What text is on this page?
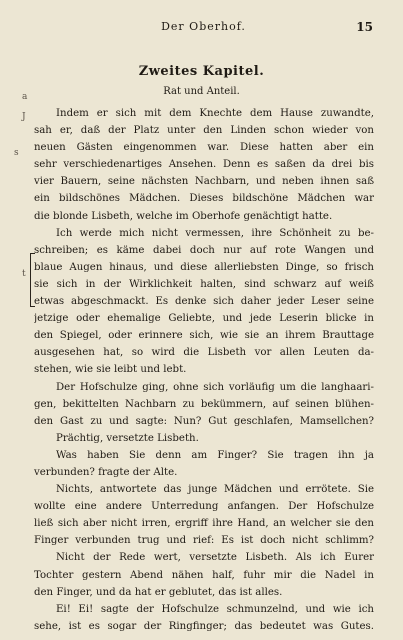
Der Oberhof.	15
Zweites Kapitel.
Rat und Anteil.
J
a
s
t
Indem er sich mit dem Knechte dem Hause zuwandte,
sah er, daß der Platz unter den Linden schon wieder von
neuen Gästen eingenommen war. Diese hatten aber ein
sehr verschiedenartiges Ansehen. Denn es saßen da drei bis
vier Bauern, seine nächsten Nachbarn, und neben ihnen saß
ein bildschönes Mädchen. Dieses bildschöne Mädchen war
die blonde Lisbeth, welche im Oberhofe genächtigt hatte.
Ich werde mich nicht vermessen, ihre Schönheit zu be-
schreiben; es käme dabei doch nur auf rote Wangen und
blaue Augen hinaus, und diese allerliebsten Dinge, so frisch
sie sich in der Wirklichkeit halten, sind schwarz auf weiß
etwas abgeschmackt. Es denke sich daher jeder Leser seine
jetzige oder ehemalige Geliebte, und jede Leserin blicke in
den Spiegel, oder erinnere sich, wie sie an ihrem Brauttage
ausgesehen hat, so wird die Lisbeth vor allen Leuten da-
stehen, wie sie leibt und lebt.
Der Hofschulze ging, ohne sich vorläufig um die langhaari-
gen, bekittelten Nachbarn zu bekümmern, auf seinen blühen-
den Gast zu und sagte: Nun? Gut geschlafen, Mamsellchen?
Prächtig, versetzte Lisbeth.
Was haben Sie denn am Finger? Sie tragen ihn ja
verbunden? fragte der Alte.
Nichts, antwortete das junge Mädchen und errötete. Sie
wollte eine andere Unterredung anfangen. Der Hofschulze
ließ sich aber nicht irren, ergriff ihre Hand, an welcher sie den
Finger verbunden trug und rief: Es ist doch nicht schlimm?
Nicht der Rede wert, versetzte Lisbeth. Als ich Eurer
Tochter gestern Abend nähen half, fuhr mir die Nadel in
den Finger, und da hat er geblutet, das ist alles.
Ei! Ei! sagte der Hofschulze schmunzelnd, und wie ich
sehe, ist es sogar der Ringfinger; das bedeutet was Gutes.
